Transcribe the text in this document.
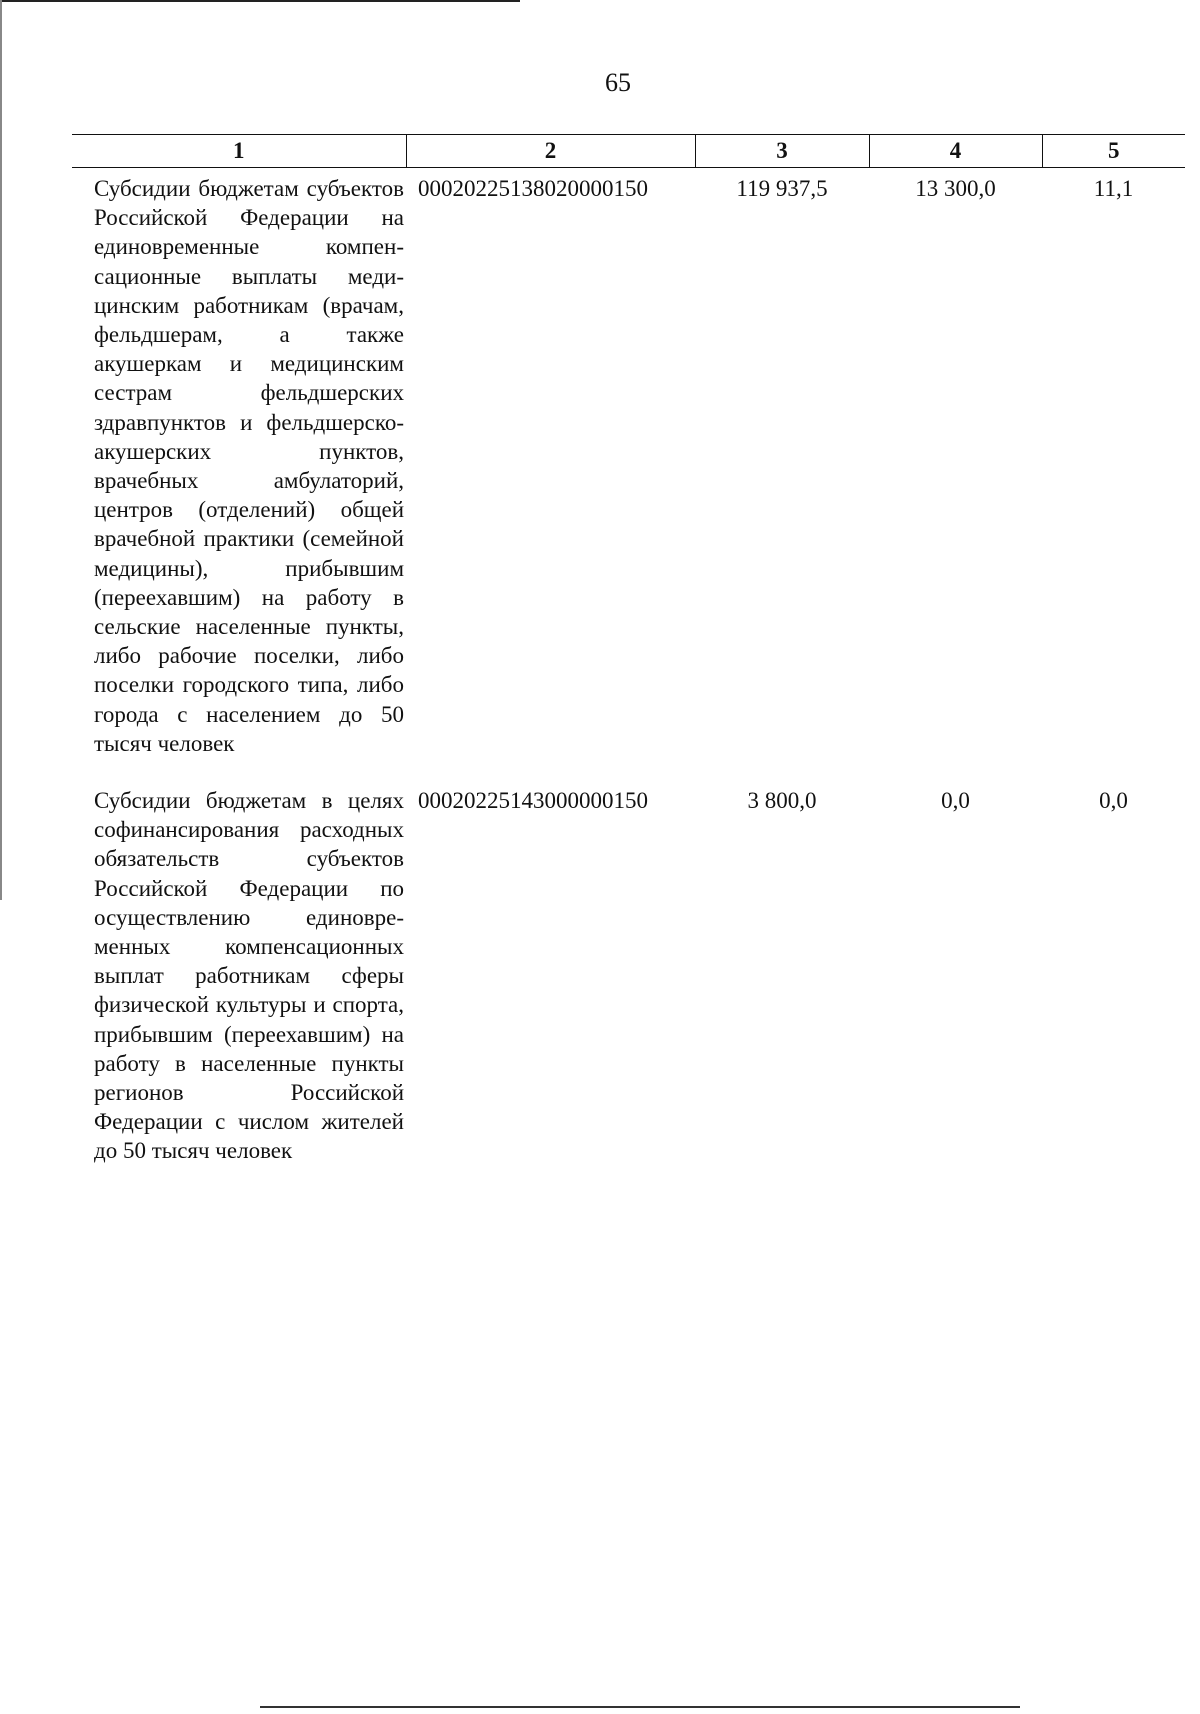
65
1	2	3	4	5
Субсидии бюджетам субъектов Российской Федерации на единовременные компенсационные выплаты медицинским работникам (врачам, фельдшерам, а также акушеркам и медицинским сестрам фельдшерских здравпунктов и фельдшерско-акушерских пунктов, врачебных амбулаторий, центров (отделений) общей врачебной практики (семейной медицины), прибывшим (переехавшим) на работу в сельские населенные пункты, либо рабочие поселки, либо поселки городского типа, либо города с населением до 50 тысяч человек	00020225138020000150	119 937,5	13 300,0	11,1
Субсидии бюджетам в целях софинансирования расходных обязательств субъектов Российской Федерации по осуществлению единовременных компенсационных выплат работникам сферы физической культуры и спорта, прибывшим (переехавшим) на работу в населенные пункты регионов Российской Федерации с числом жителей до 50 тысяч человек	00020225143000000150	3 800,0	0,0	0,0
